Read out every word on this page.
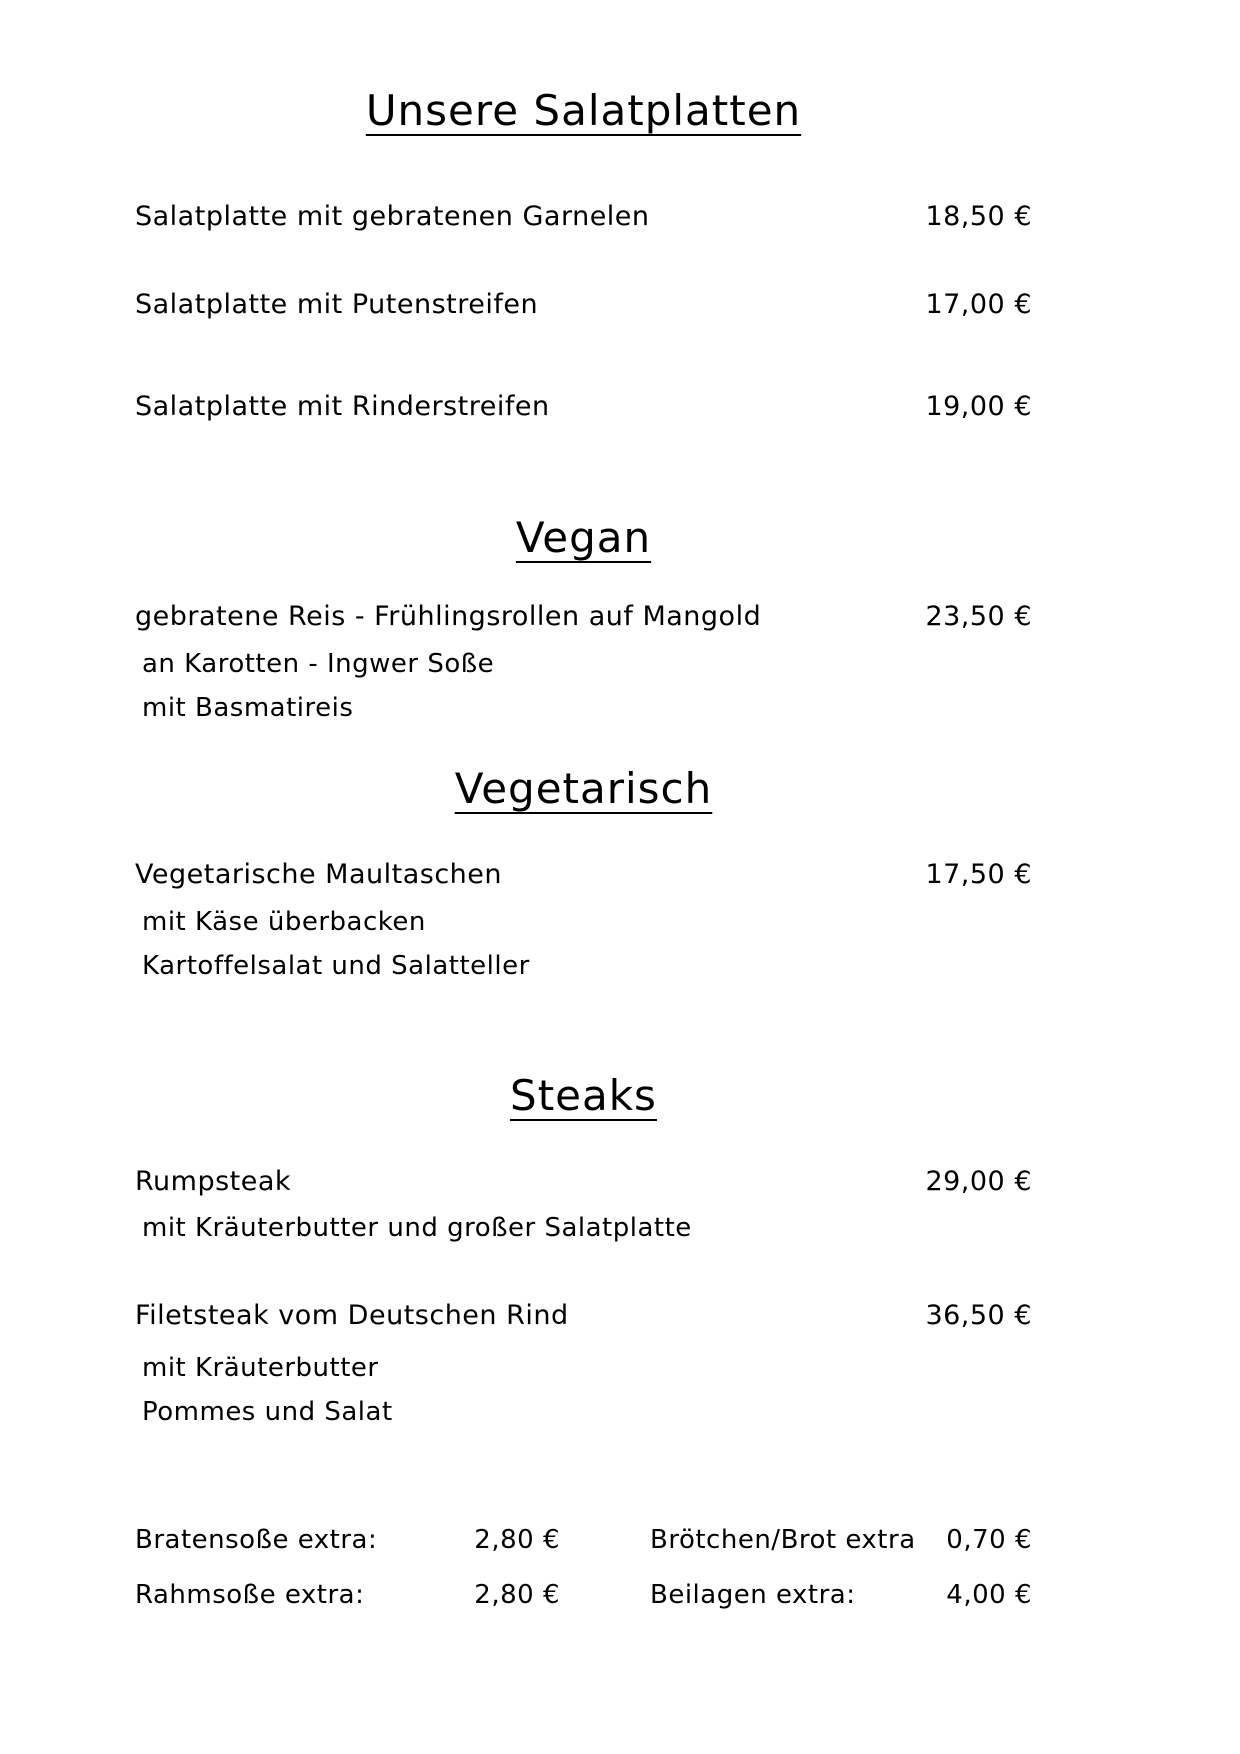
Unsere Salatplatten
Salatplatte mit gebratenen Garnelen	18,50 €
Salatplatte mit Putenstreifen	17,00 €
Salatplatte mit Rinderstreifen	19,00 €
Vegan
gebratene Reis - Frühlingsrollen auf Mangold	23,50 €
an Karotten - Ingwer Soße
mit Basmatireis
Vegetarisch
Vegetarische Maultaschen	17,50 €
mit Käse überbacken
Kartoffelsalat und Salatteller
Steaks
Rumpsteak	29,00 €
mit Kräuterbutter und großer Salatplatte
Filetsteak vom Deutschen Rind	36,50 €
mit Kräuterbutter
Pommes und Salat
Bratensoße extra:	2,80 €	Brötchen/Brot extra	0,70 €
Rahmsoße extra:	2,80 €	Beilagen extra:	4,00 €
